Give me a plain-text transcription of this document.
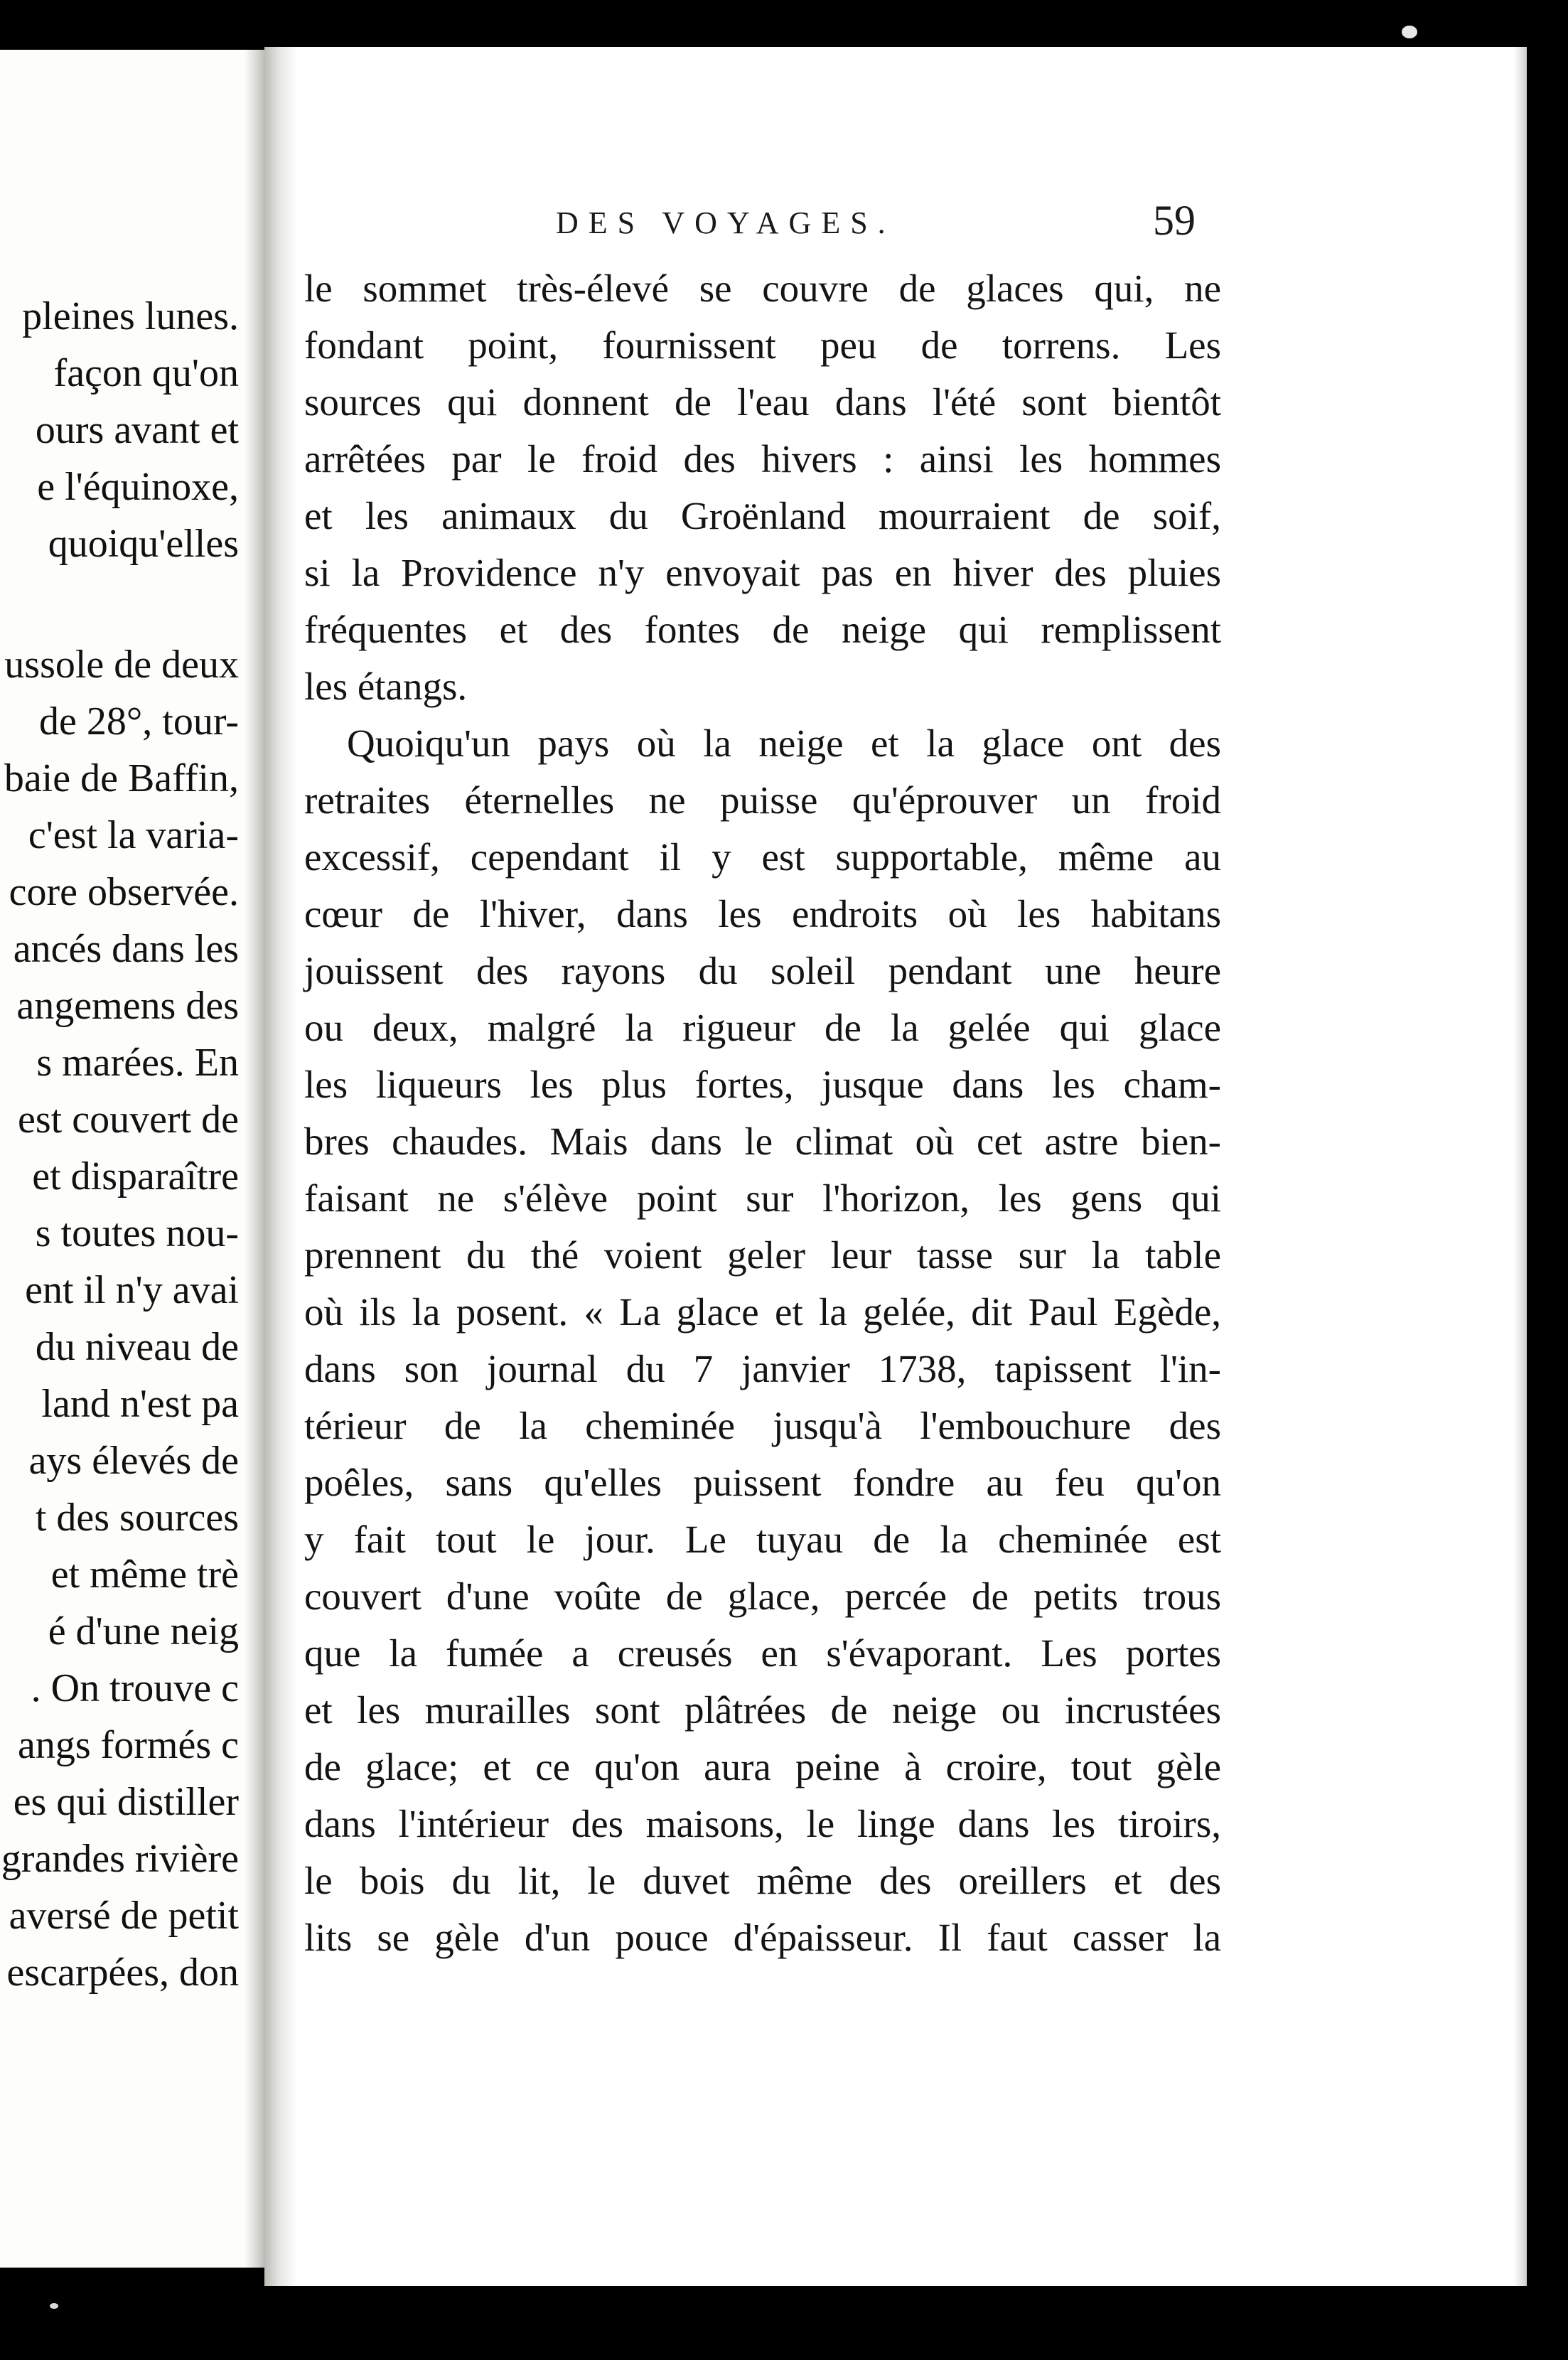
pleines lunes.
façon qu'on
ours avant et
e l'équinoxe,
quoiqu'elles
ussole de deux
de 28°, tour-
baie de Baffin,
c'est la varia-
core observée.
ancés dans les
angemens des
s marées. En
est couvert de
et disparaître
s toutes nou-
ent il n'y avai
du niveau de
land n'est pa
ays élevés de
t des sources
et même trè
é d'une neig
. On trouve c
angs formés c
es qui distiller
grandes rivière
aversé de petit
escarpées, don
DES VOYAGES.	59
le sommet très-élevé se couvre de glaces qui, ne
fondant point, fournissent peu de torrens. Les
sources qui donnent de l'eau dans l'été sont bientôt
arrêtées par le froid des hivers : ainsi les hommes
et les animaux du Groënland mourraient de soif,
si la Providence n'y envoyait pas en hiver des pluies
fréquentes et des fontes de neige qui remplissent
les étangs.
Quoiqu'un pays où la neige et la glace ont des
retraites éternelles ne puisse qu'éprouver un froid
excessif, cependant il y est supportable, même au
cœur de l'hiver, dans les endroits où les habitans
jouissent des rayons du soleil pendant une heure
ou deux, malgré la rigueur de la gelée qui glace
les liqueurs les plus fortes, jusque dans les cham-
bres chaudes. Mais dans le climat où cet astre bien-
faisant ne s'élève point sur l'horizon, les gens qui
prennent du thé voient geler leur tasse sur la table
où ils la posent. « La glace et la gelée, dit Paul Egède,
dans son journal du 7 janvier 1738, tapissent l'in-
térieur de la cheminée jusqu'à l'embouchure des
poêles, sans qu'elles puissent fondre au feu qu'on
y fait tout le jour. Le tuyau de la cheminée est
couvert d'une voûte de glace, percée de petits trous
que la fumée a creusés en s'évaporant. Les portes
et les murailles sont plâtrées de neige ou incrustées
de glace; et ce qu'on aura peine à croire, tout gèle
dans l'intérieur des maisons, le linge dans les tiroirs,
le bois du lit, le duvet même des oreillers et des
lits se gèle d'un pouce d'épaisseur. Il faut casser la
